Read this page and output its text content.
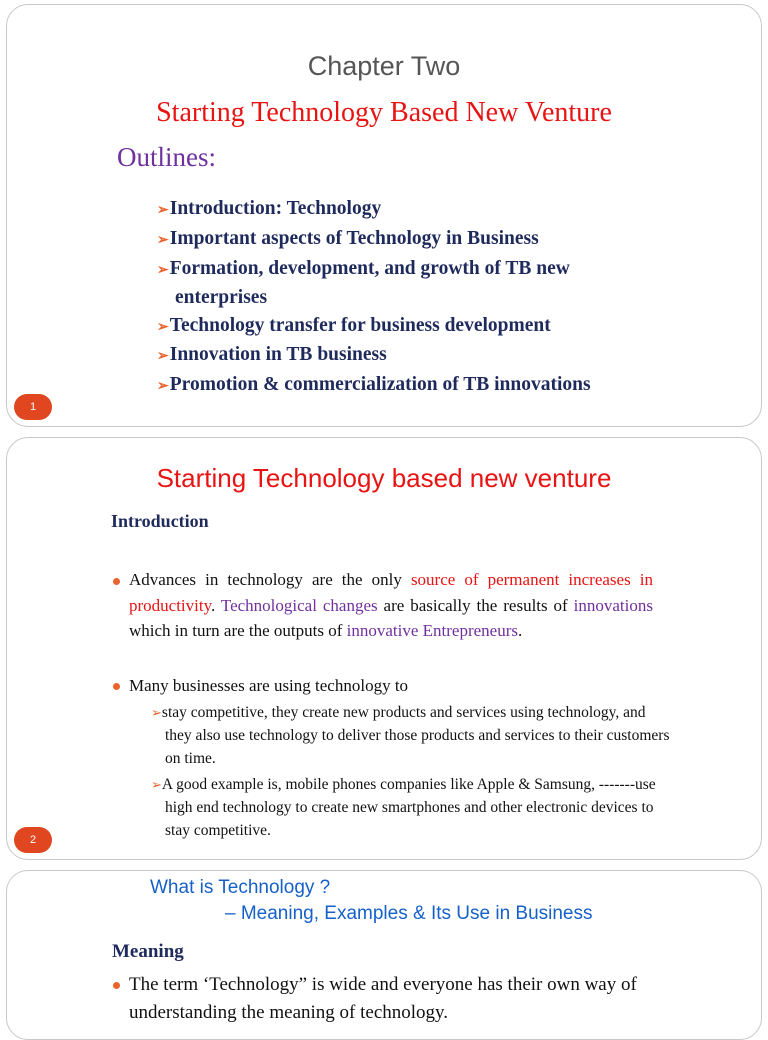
Chapter Two
Starting Technology Based New Venture
Outlines:
➢Introduction: Technology
➢Important aspects of Technology in Business
➢Formation, development, and growth of TB new enterprises
➢Technology transfer for business development
➢Innovation in TB business
➢Promotion & commercialization of TB innovations
1
Starting Technology based new venture
Introduction
Advances in technology are the only source of permanent increases in productivity. Technological changes are basically the results of innovations which in turn are the outputs of innovative Entrepreneurs.
Many businesses are using technology to
➢stay competitive, they create new products and services using technology, and they also use technology to deliver those products and services to their customers on time.
➢A good example is, mobile phones companies like Apple & Samsung, -------use high end technology to create new smartphones and other electronic devices to stay competitive.
2
What is Technology ?
– Meaning, Examples & Its Use in Business
Meaning
The term ‘Technology” is wide and everyone has their own way of understanding the meaning of technology.
